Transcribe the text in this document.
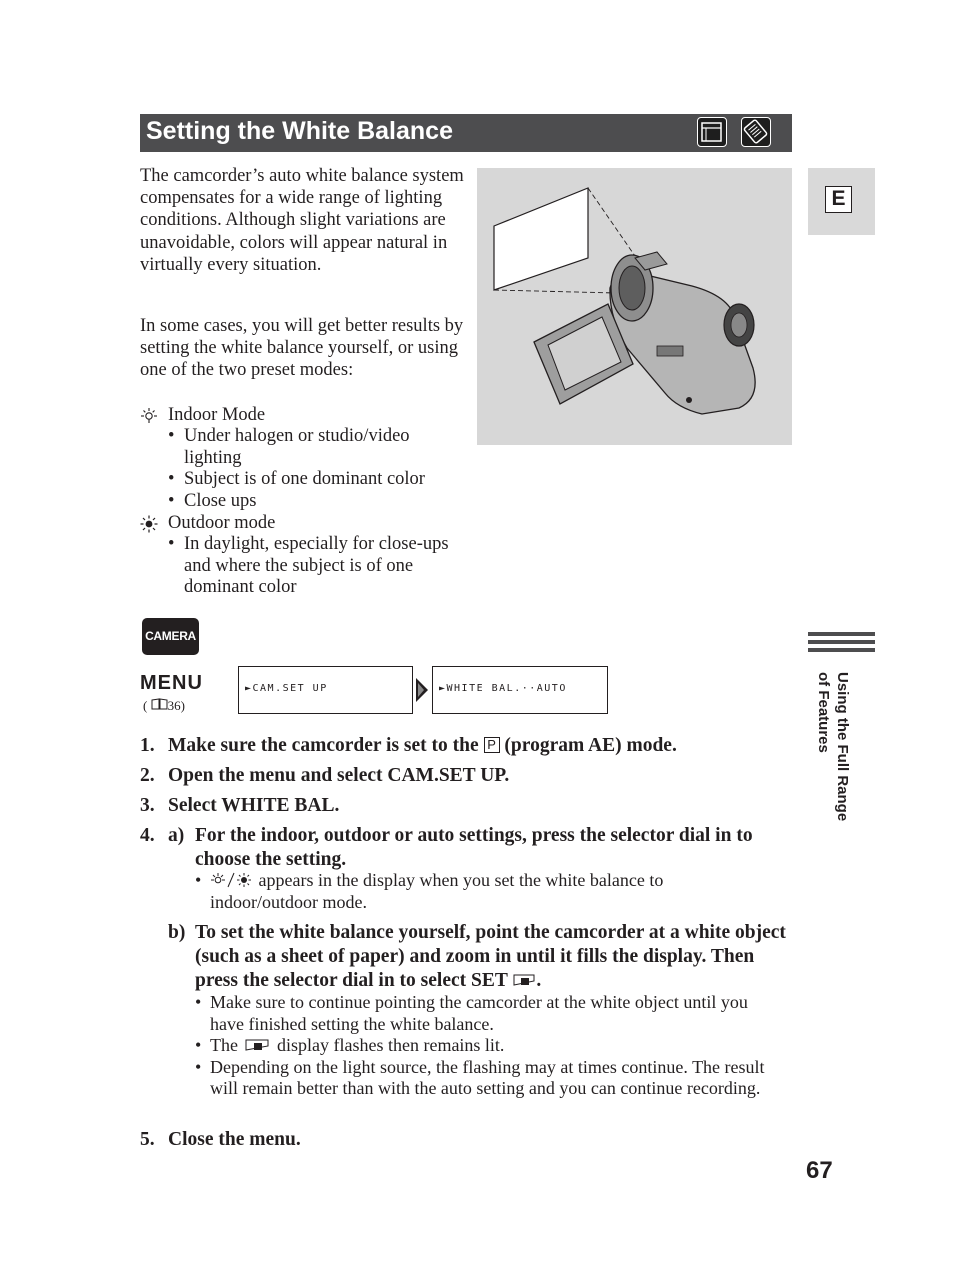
Setting the White Balance
E
The camcorder’s auto white balance system compensates for a wide range of lighting conditions. Although slight variations are unavoidable, colors will appear natural in virtually every situation.
In some cases, you will get better results by setting the white balance yourself, or using one of the two preset modes:
Indoor Mode
• Under halogen or studio/video lighting
• Subject is of one dominant color
• Close ups
Outdoor mode
• In daylight, especially for close-ups and where the subject is of one dominant color
CAMERA
MENU
( 36)
►CAM.SET UP	►WHITE BAL.··AUTO
1. Make sure the camcorder is set to the P (program AE) mode.
2. Open the menu and select CAM.SET UP.
3. Select WHITE BAL.
4. a) For the indoor, outdoor or auto settings, press the selector dial in to choose the setting.
•	appears in the display when you set the white balance to indoor/outdoor mode.
b) To set the white balance yourself, point the camcorder at a white object (such as a sheet of paper) and zoom in until it fills the display. Then press the selector dial in to select SET .
• Make sure to continue pointing the camcorder at the white object until you have finished setting the white balance.
• The display flashes then remains lit.
• Depending on the light source, the flashing may at times continue. The result will remain better than with the auto setting and you can continue recording.
5. Close the menu.
Using the Full Range of Features
67
